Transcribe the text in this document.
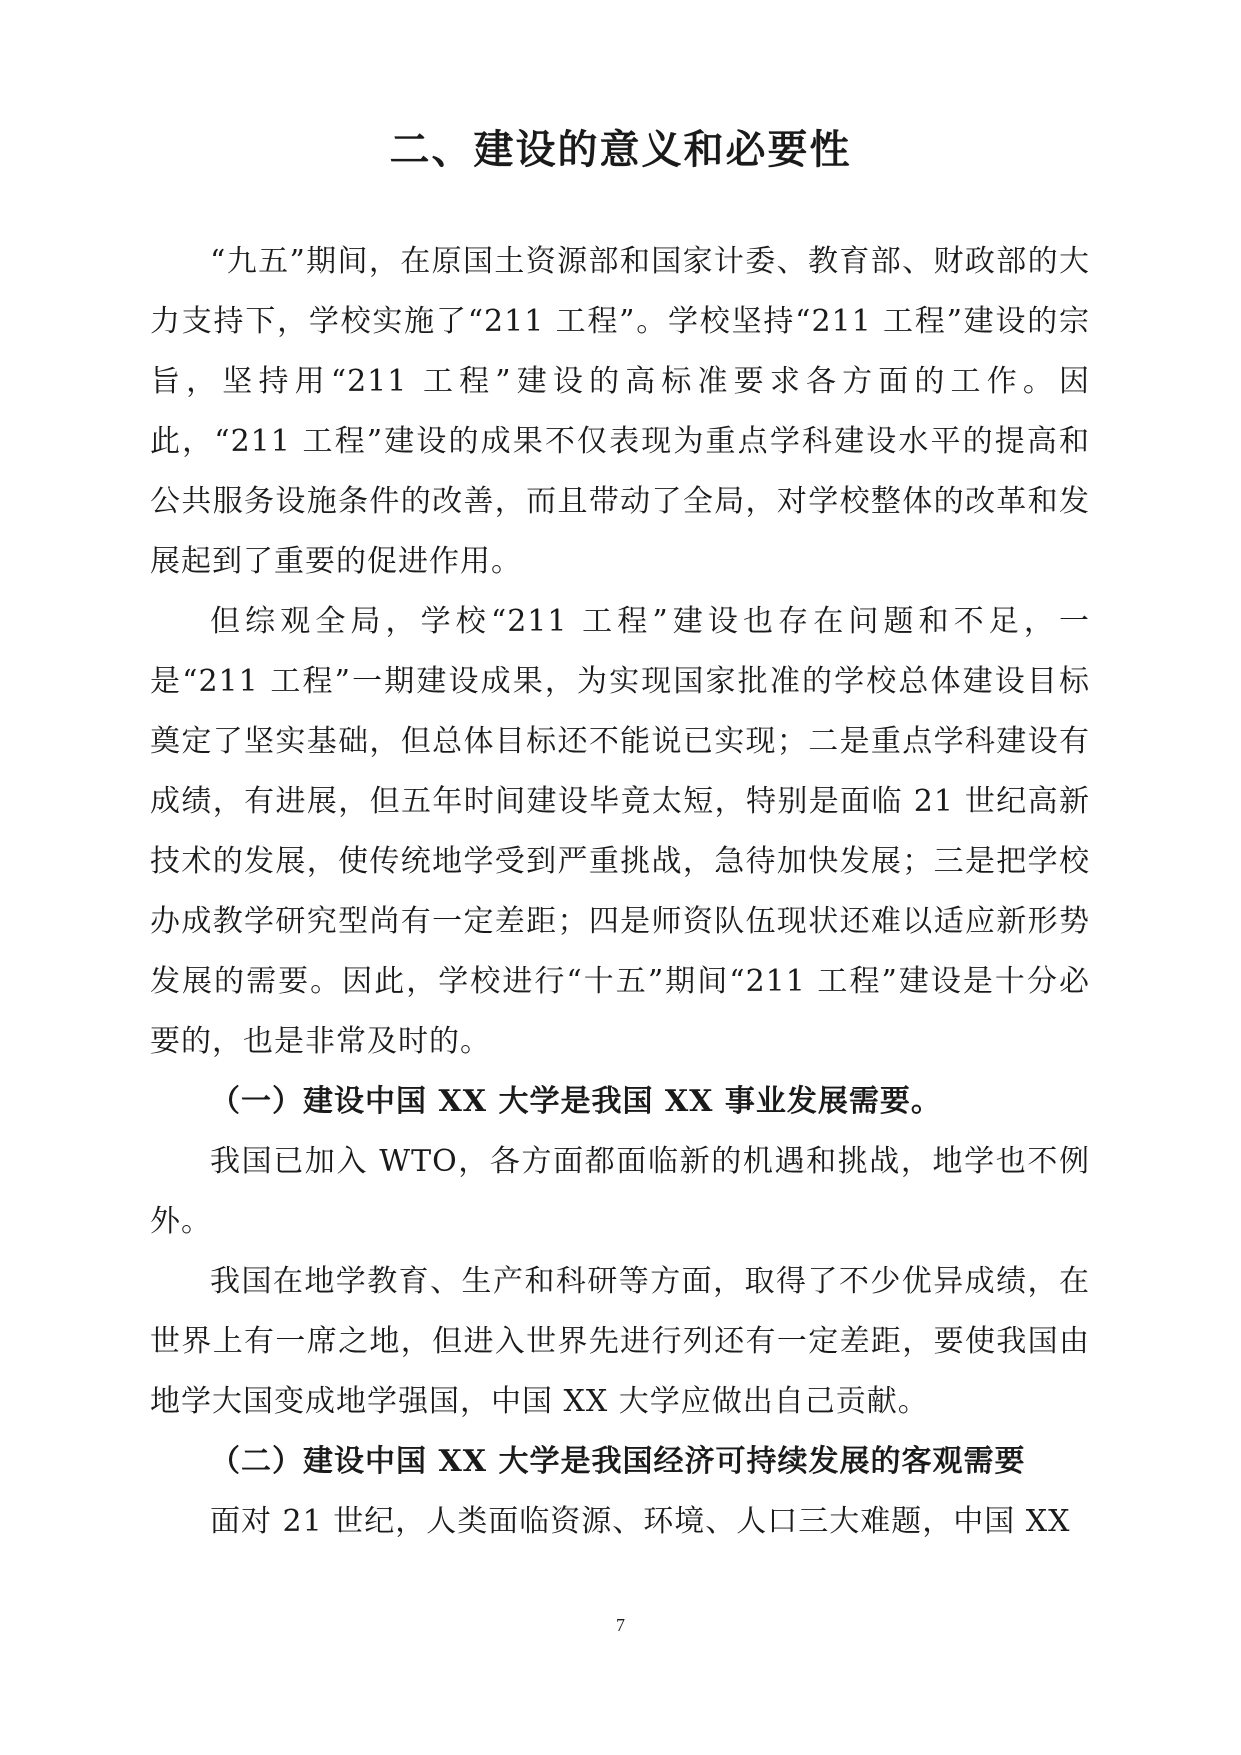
二、建设的意义和必要性

“九五”期间，在原国土资源部和国家计委、教育部、财政部的大力支持下，学校实施了“211 工程”。学校坚持“211 工程”建设的宗旨，坚持用“211 工程”建设的高标准要求各方面的工作。因此，“211 工程”建设的成果不仅表现为重点学科建设水平的提高和公共服务设施条件的改善，而且带动了全局，对学校整体的改革和发展起到了重要的促进作用。

但综观全局，学校“211 工程”建设也存在问题和不足，一是“211 工程”一期建设成果，为实现国家批准的学校总体建设目标奠定了坚实基础，但总体目标还不能说已实现；二是重点学科建设有成绩，有进展，但五年时间建设毕竟太短，特别是面临 21 世纪高新技术的发展，使传统地学受到严重挑战，急待加快发展；三是把学校办成教学研究型尚有一定差距；四是师资队伍现状还难以适应新形势发展的需要。因此，学校进行“十五”期间“211 工程”建设是十分必要的，也是非常及时的。

（一）建设中国 XX 大学是我国 XX 事业发展需要。

我国已加入 WTO，各方面都面临新的机遇和挑战，地学也不例外。

我国在地学教育、生产和科研等方面，取得了不少优异成绩，在世界上有一席之地，但进入世界先进行列还有一定差距，要使我国由地学大国变成地学强国，中国 XX 大学应做出自己贡献。

（二）建设中国 XX 大学是我国经济可持续发展的客观需要

面对 21 世纪，人类面临资源、环境、人口三大难题，中国 XX

7
